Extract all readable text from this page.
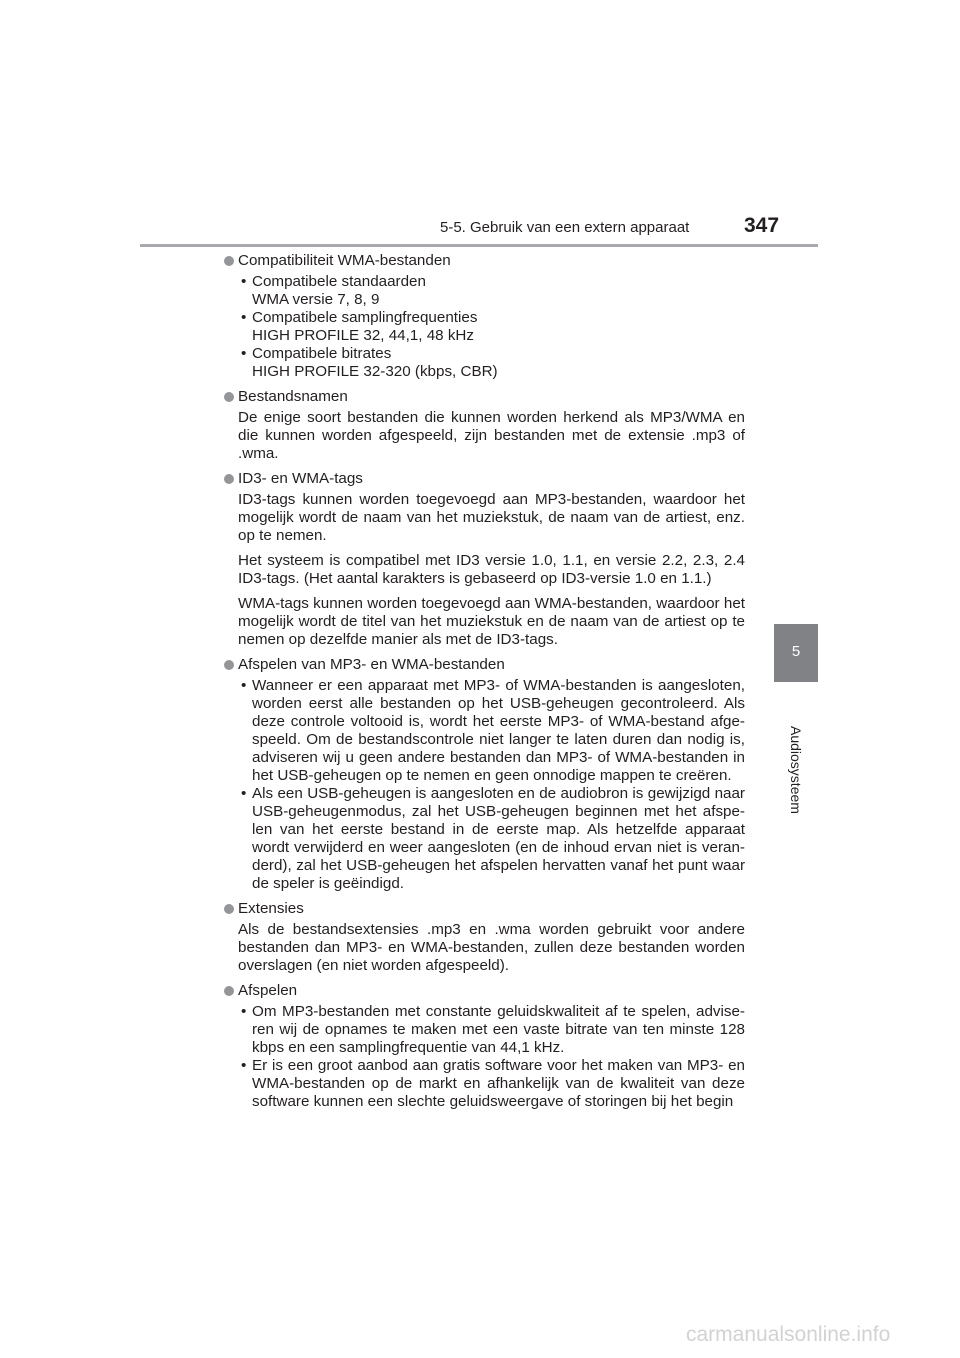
5-5. Gebruik van een extern apparaat	347
5
Audiosysteem
Compatibiliteit WMA-bestanden
• Compatibele standaarden
WMA versie 7, 8, 9
• Compatibele samplingfrequenties
HIGH PROFILE 32, 44,1, 48 kHz
• Compatibele bitrates
HIGH PROFILE 32-320 (kbps, CBR)
Bestandsnamen
De enige soort bestanden die kunnen worden herkend als MP3/WMA en die kunnen worden afgespeeld, zijn bestanden met de extensie .mp3 of .wma.
ID3- en WMA-tags
ID3-tags kunnen worden toegevoegd aan MP3-bestanden, waardoor het mogelijk wordt de naam van het muziekstuk, de naam van de artiest, enz. op te nemen.
Het systeem is compatibel met ID3 versie 1.0, 1.1, en versie 2.2, 2.3, 2.4 ID3-tags. (Het aantal karakters is gebaseerd op ID3-versie 1.0 en 1.1.)
WMA-tags kunnen worden toegevoegd aan WMA-bestanden, waardoor het mogelijk wordt de titel van het muziekstuk en de naam van de artiest op te nemen op dezelfde manier als met de ID3-tags.
Afspelen van MP3- en WMA-bestanden
• Wanneer er een apparaat met MP3- of WMA-bestanden is aangesloten, worden eerst alle bestanden op het USB-geheugen gecontroleerd. Als deze controle voltooid is, wordt het eerste MP3- of WMA-bestand afge-speeld. Om de bestandscontrole niet langer te laten duren dan nodig is, adviseren wij u geen andere bestanden dan MP3- of WMA-bestanden in het USB-geheugen op te nemen en geen onnodige mappen te creëren.
• Als een USB-geheugen is aangesloten en de audiobron is gewijzigd naar USB-geheugenmodus, zal het USB-geheugen beginnen met het afspe-len van het eerste bestand in de eerste map. Als hetzelfde apparaat wordt verwijderd en weer aangesloten (en de inhoud ervan niet is veran-derd), zal het USB-geheugen het afspelen hervatten vanaf het punt waar de speler is geëindigd.
Extensies
Als de bestandsextensies .mp3 en .wma worden gebruikt voor andere bestanden dan MP3- en WMA-bestanden, zullen deze bestanden worden overslagen (en niet worden afgespeeld).
Afspelen
• Om MP3-bestanden met constante geluidskwaliteit af te spelen, advise-ren wij de opnames te maken met een vaste bitrate van ten minste 128 kbps en een samplingfrequentie van 44,1 kHz.
• Er is een groot aanbod aan gratis software voor het maken van MP3- en WMA-bestanden op de markt en afhankelijk van de kwaliteit van deze software kunnen een slechte geluidsweergave of storingen bij het begin
carmanualsonline.info
